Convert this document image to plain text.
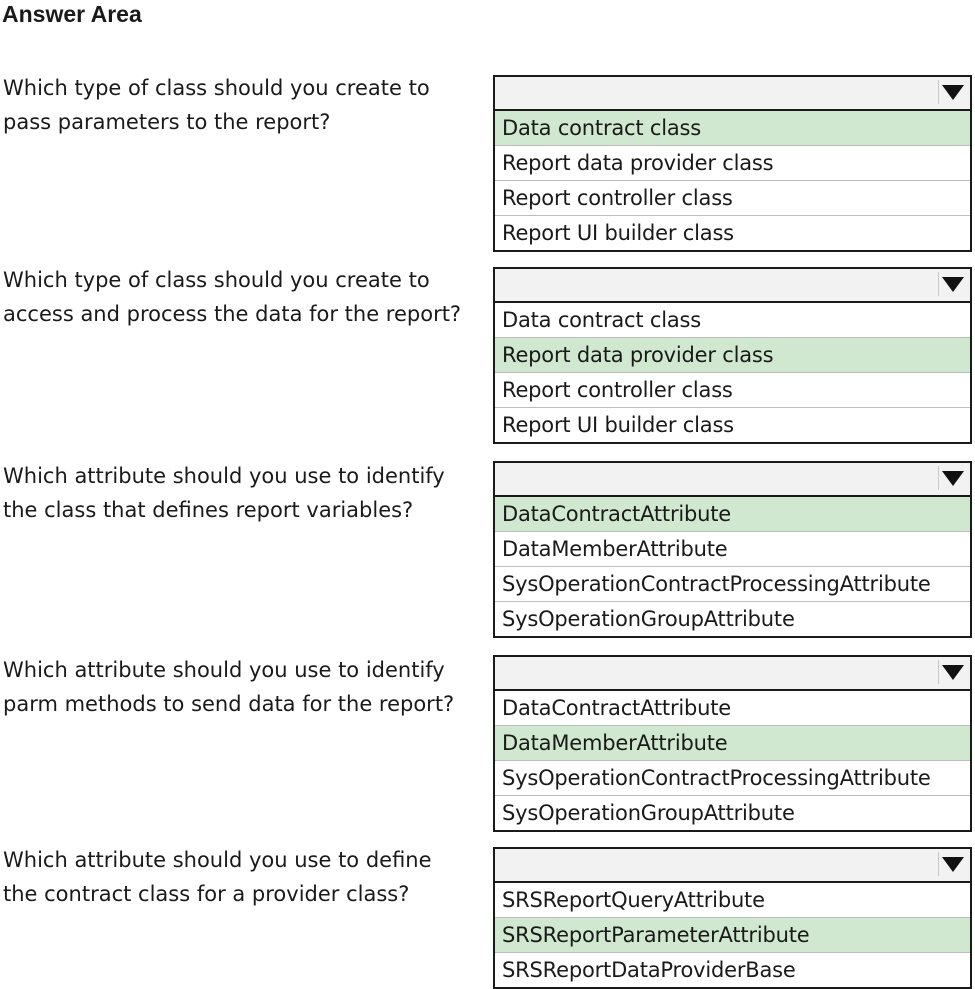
Answer Area
Which type of class should you create to
pass parameters to the report?	Data contract class
Report data provider class
Report controller class
Report UI builder class
Which type of class should you create to
access and process the data for the report?	Data contract class
Report data provider class
Report controller class
Report UI builder class
Which attribute should you use to identify
the class that defines report variables?	DataContractAttribute
DataMemberAttribute
SysOperationContractProcessingAttribute
SysOperationGroupAttribute
Which attribute should you use to identify
parm methods to send data for the report?	DataContractAttribute
DataMemberAttribute
SysOperationContractProcessingAttribute
SysOperationGroupAttribute
Which attribute should you use to define
the contract class for a provider class?	SRSReportQueryAttribute
SRSReportParameterAttribute
SRSReportDataProviderBase
